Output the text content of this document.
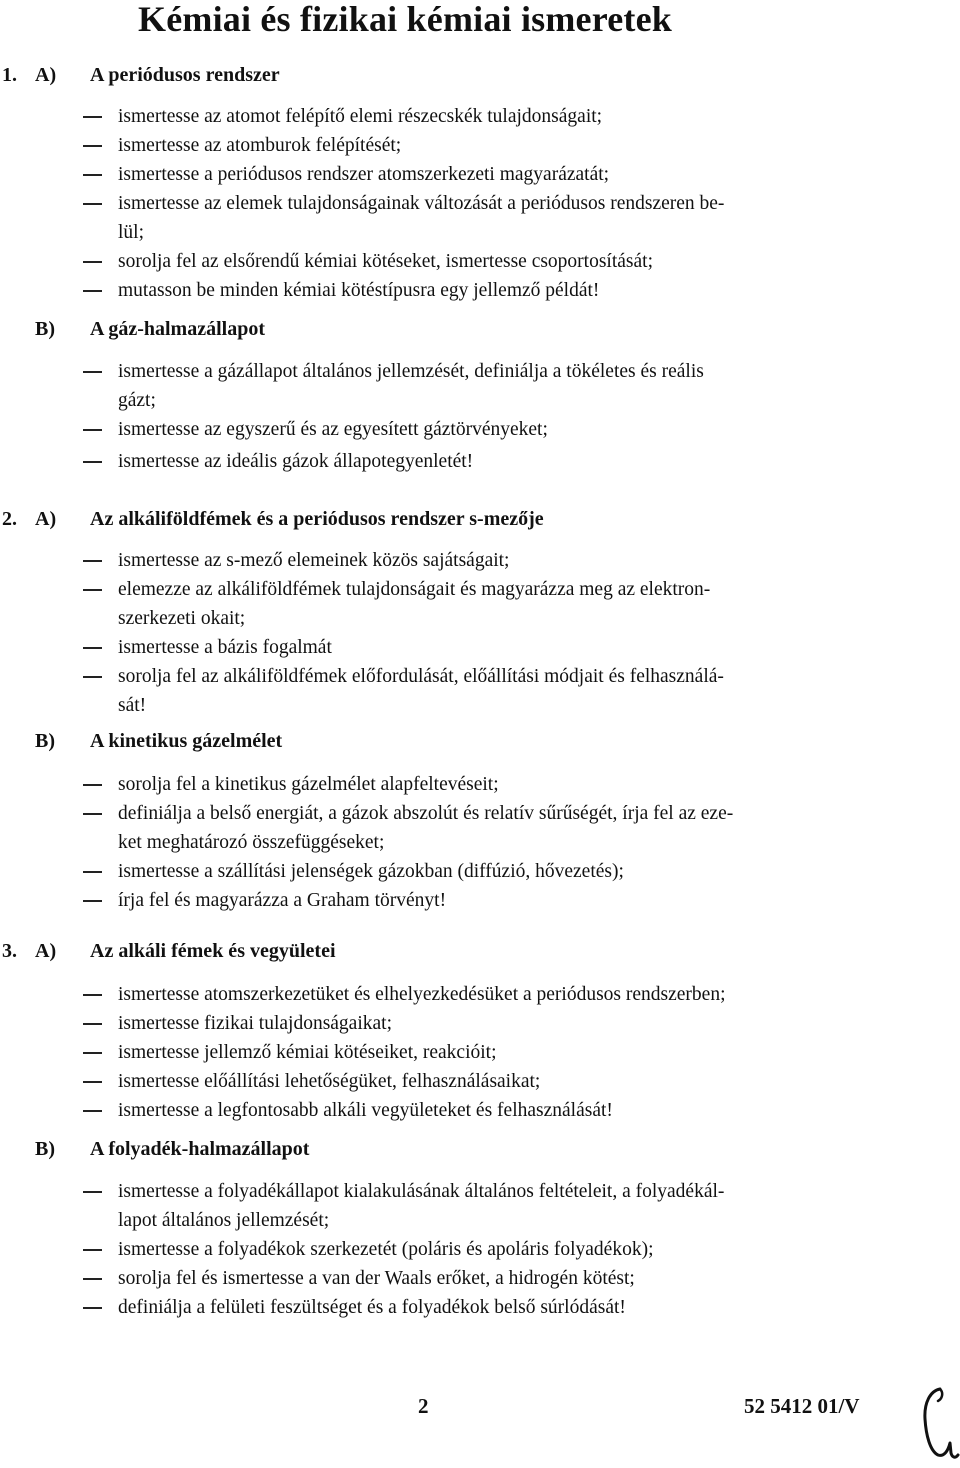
Kémiai és fizikai kémiai ismeretek
1. A) A periódusos rendszer
ismertesse az atomot felépítő elemi részecskék tulajdonságait;
ismertesse az atomburok felépítését;
ismertesse a periódusos rendszer atomszerkezeti magyarázatát;
ismertesse az elemek tulajdonságainak változását a periódusos rendszeren be-
lül;
sorolja fel az elsőrendű kémiai kötéseket, ismertesse csoportosítását;
mutasson be minden kémiai kötéstípusra egy jellemző példát!
B) A gáz-halmazállapot
ismertesse a gázállapot általános jellemzését, definiálja a tökéletes és reális
gázt;
ismertesse az egyszerű és az egyesített gáztörvényeket;
ismertesse az ideális gázok állapotegyenletét!
2. A) Az alkáliföldfémek és a periódusos rendszer s-mezője
ismertesse az s-mező elemeinek közös sajátságait;
elemezze az alkáliföldfémek tulajdonságait és magyarázza meg az elektron-
szerkezeti okait;
ismertesse a bázis fogalmát
sorolja fel az alkáliföldfémek előfordulását, előállítási módjait és felhasználá-
sát!
B) A kinetikus gázelmélet
sorolja fel a kinetikus gázelmélet alapfeltevéseit;
definiálja a belső energiát, a gázok abszolút és relatív sűrűségét, írja fel az eze-
ket meghatározó összefüggéseket;
ismertesse a szállítási jelenségek gázokban (diffúzió, hővezetés);
írja fel és magyarázza a Graham törvényt!
3. A) Az alkáli fémek és vegyületei
ismertesse atomszerkezetüket és elhelyezkedésüket a periódusos rendszerben;
ismertesse fizikai tulajdonságaikat;
ismertesse jellemző kémiai kötéseiket, reakcióit;
ismertesse előállítási lehetőségüket, felhasználásaikat;
ismertesse a legfontosabb alkáli vegyületeket és felhasználását!
B) A folyadék-halmazállapot
ismertesse a folyadékállapot kialakulásának általános feltételeit, a folyadékál-
lapot általános jellemzését;
ismertesse a folyadékok szerkezetét (poláris és apoláris folyadékok);
sorolja fel és ismertesse a van der Waals erőket, a hidrogén kötést;
definiálja a felületi feszültséget és a folyadékok belső súrlódását!
2	52 5412 01/V
